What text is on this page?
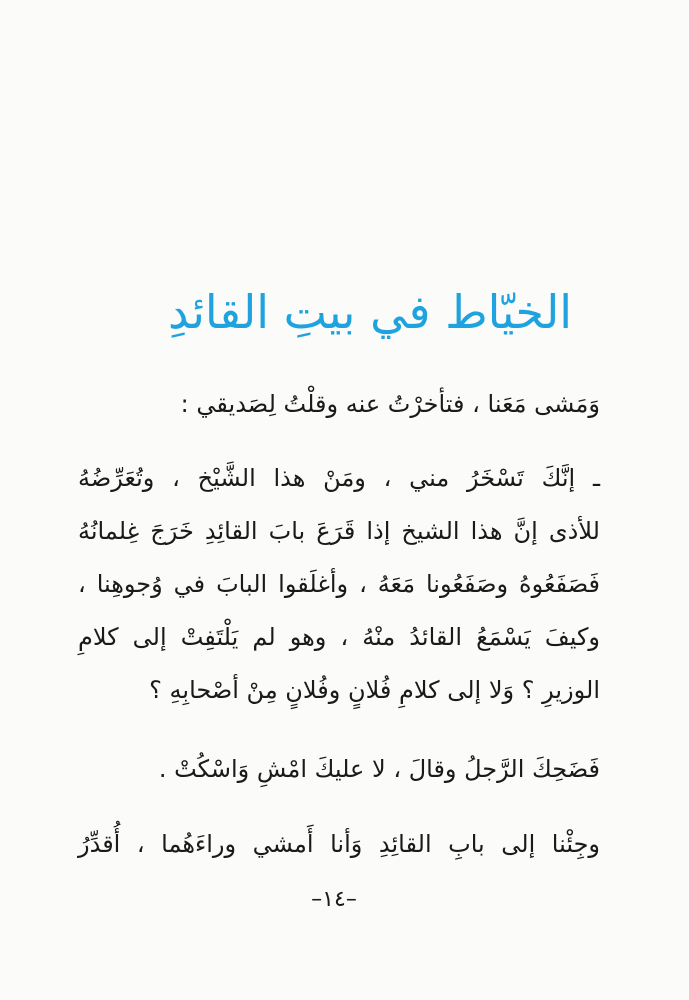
الخيّاط في بيتِ القائدِ
وَمَشى مَعَنا ، فتأخرْتُ عنه وقلْتُ لِصَديقي :
ـ إنَّكَ تَسْخَرُ مني ، ومَنْ هذا الشَّيْخ ، وتُعَرِّضُهُ
للأذى إنَّ هذا الشيخ إذا قَرَعَ بابَ القائِدِ خَرَجَ غِلمانُهُ
فَصَفَعُوهُ وصَفَعُونا مَعَهُ ، وأغلَقوا البابَ في وُجوهِنا ،
وكيفَ يَسْمَعُ القائدُ منْهُ ، وهو لم يَلْتَفِتْ إلى كلامِ
الوزيرِ ؟ وَلا إلى كلامِ فُلانٍ وفُلانٍ مِنْ أصْحابِهِ ؟
فَضَحِكَ الرَّجلُ وقالَ ، لا عليكَ امْشِ وَاسْكُتْ .
وجِئْنا إلى بابِ القائِدِ وَأنا أَمشي وراءَهُما ، أُقدِّرُ
–١٤–
